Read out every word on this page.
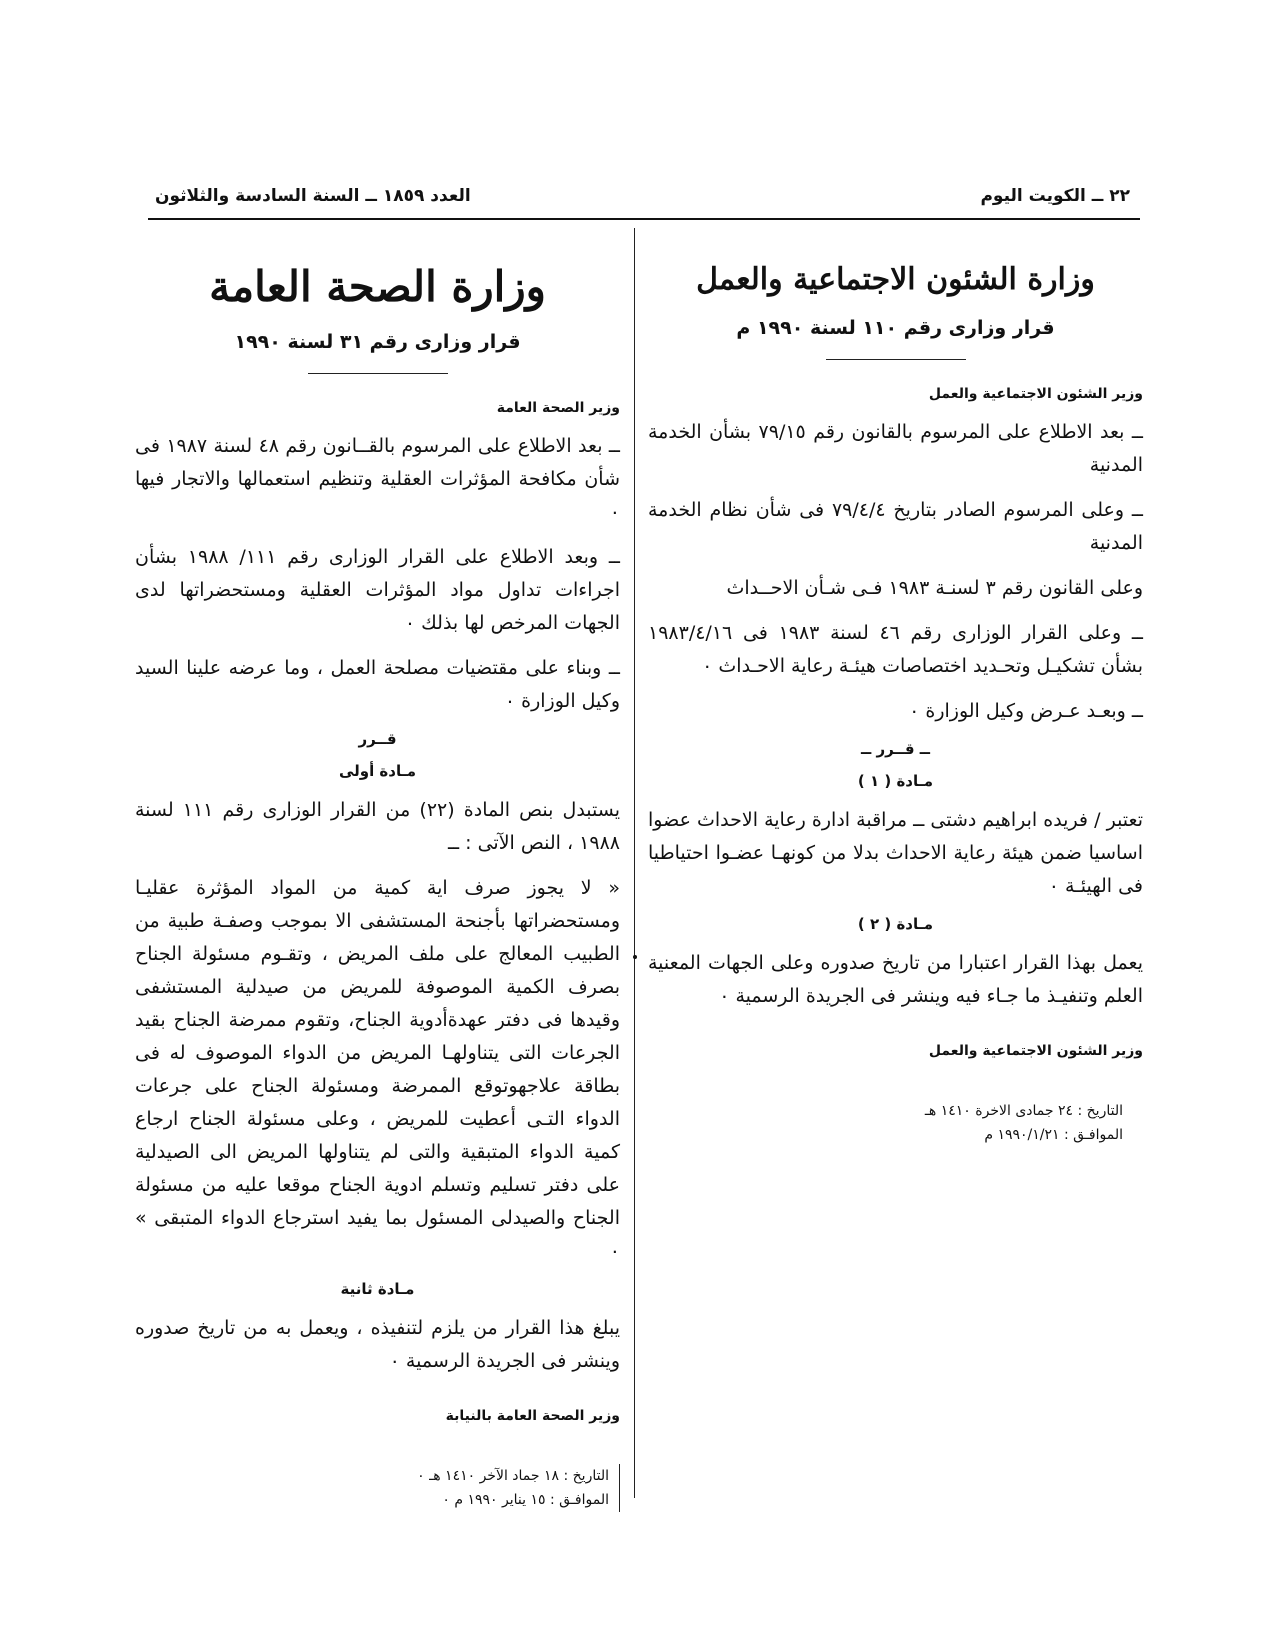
٢٢ ــ الكويت اليوم
العدد ١٨٥٩ ــ السنة السادسة والثلاثون

وزارة الشئون الاجتماعية والعمل

قرار وزارى رقم ١١٠ لسنة ١٩٩٠ م

وزير الشئون الاجتماعية والعمل

ــ بعد الاطلاع على المرسوم بالقانون رقم ٧٩/١٥ بشأن الخدمة المدنية

ــ وعلى المرسوم الصادر بتاريخ ٧٩/٤/٤ فى شأن نظام الخدمة المدنية

وعلى القانون رقم ٣ لسنـة ١٩٨٣ فـى شـأن الاحــداث

ــ وعلى القرار الوزارى رقم ٤٦ لسنة ١٩٨٣ فى ١٩٨٣/٤/١٦ بشأن تشكيـل وتحـديد اختصاصات هيئـة رعاية الاحـداث ٠

ــ وبعـد عـرض وكيل الوزارة ٠

ــ قــرر ــ

مـادة ( ١ )

تعتبر / فريده ابراهيم دشتى ــ مراقبة ادارة رعاية الاحداث عضوا اساسيا ضمن هيئة رعاية الاحداث بدلا من كونهـا عضـوا احتياطيا فى الهيئـة ٠

مـادة ( ٢ )

يعمل بهذا القرار اعتبارا من تاريخ صدوره وعلى الجهات المعنية العلم وتنفيـذ ما جـاء فيه وينشر فى الجريدة الرسمية ٠

وزير الشئون الاجتماعية والعمل

التاريخ : ٢٤ جمادى الاخرة ١٤١٠ هـ

الموافـق : ١٩٩٠/١/٢١ م

وزارة الصحة العامة

قرار وزارى رقم ٣١ لسنة ١٩٩٠

وزير الصحة العامة

ــ بعد الاطلاع على المرسوم بالقــانون رقم ٤٨ لسنة ١٩٨٧ فى شأن مكافحة المؤثرات العقلية وتنظيم استعمالها والاتجار فيها ٠

ــ وبعد الاطلاع على القرار الوزارى رقم ١١١/ ١٩٨٨ بشأن اجراءات تداول مواد المؤثرات العقلية ومستحضراتها لدى الجهات المرخص لها بذلك ٠

ــ وبناء على مقتضيات مصلحة العمل ، وما عرضه علينا السيد وكيل الوزارة ٠

قــرر

مـادة أولى

يستبدل بنص المادة (٢٢) من القرار الوزارى رقم ١١١ لسنة ١٩٨٨ ، النص الآتى : ــ

« لا يجوز صرف اية كمية من المواد المؤثرة عقليـا ومستحضراتها بأجنحة المستشفى الا بموجب وصفـة طبية من الطبيب المعالج على ملف المريض ، وتقـوم مسئولة الجناح بصرف الكمية الموصوفة للمريض من صيدلية المستشفى وقيدها فى دفتر عهدةأدوية الجناح، وتقوم ممرضة الجناح بقيد الجرعات التى يتناولهـا المريض من الدواء الموصوف له فى بطاقة علاجهوتوقع الممرضة ومسئولة الجناح على جرعات الدواء التـى أعطيت للمريض ، وعلى مسئولة الجناح ارجاع كمية الدواء المتبقية والتى لم يتناولها المريض الى الصيدلية على دفتر تسليم وتسلم ادوية الجناح موقعا عليه من مسئولة الجناح والصيدلى المسئول بما يفيد استرجاع الدواء المتبقى » ٠

مـادة ثانية

يبلغ هذا القرار من يلزم لتنفيذه ، ويعمل به من تاريخ صدوره وينشر فى الجريدة الرسمية ٠

وزير الصحة العامة بالنيابة

التاريخ : ١٨ جماد الآخر ١٤١٠ هـ ٠

الموافـق : ١٥ يناير ١٩٩٠ م ٠
